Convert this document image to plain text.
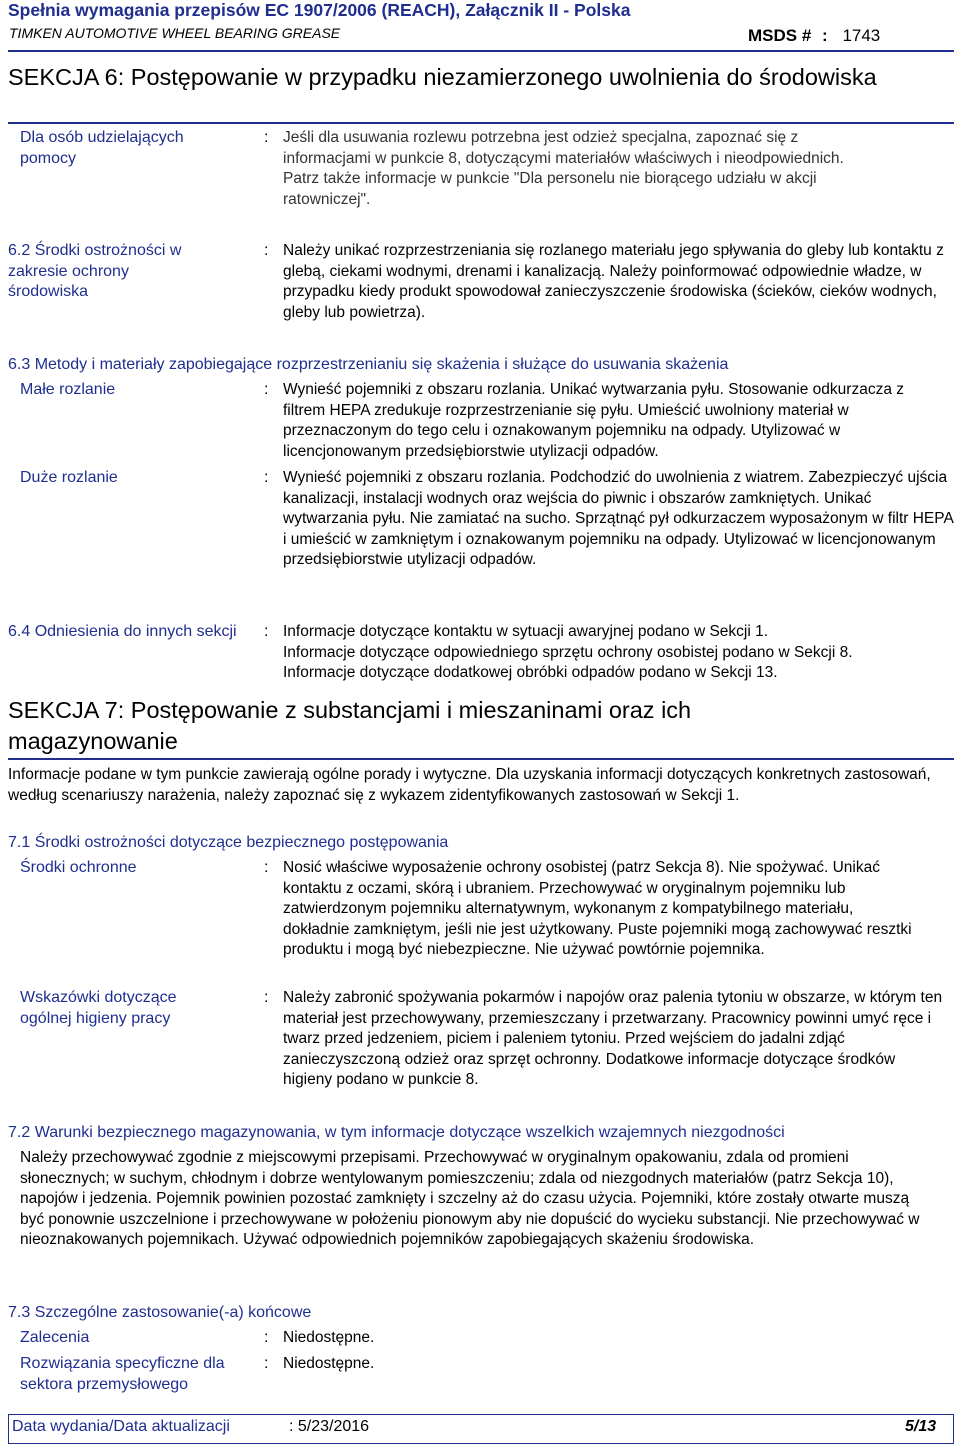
Spełnia wymagania przepisów EC 1907/2006 (REACH), Załącznik II - Polska
TIMKEN AUTOMOTIVE WHEEL BEARING GREASE	MSDS # : 1743
SEKCJA 6: Postępowanie w przypadku niezamierzonego uwolnienia do środowiska
Dla osób udzielających pomocy
: Jeśli dla usuwania rozlewu potrzebna jest odzież specjalna, zapoznać się z informacjami w punkcie 8, dotyczącymi materiałów właściwych i nieodpowiednich. Patrz także informacje w punkcie "Dla personelu nie biorącego udziału w akcji ratowniczej".
6.2 Środki ostrożności w zakresie ochrony środowiska
: Należy unikać rozprzestrzeniania się rozlanego materiału jego spływania do gleby lub kontaktu z glebą, ciekami wodnymi, drenami i kanalizacją. Należy poinformować odpowiednie władze, w przypadku kiedy produkt spowodował zanieczyszczenie środowiska (ścieków, cieków wodnych, gleby lub powietrza).
6.3 Metody i materiały zapobiegające rozprzestrzenianiu się skażenia i służące do usuwania skażenia
Małe rozlanie	: Wynieść pojemniki z obszaru rozlania. Unikać wytwarzania pyłu. Stosowanie odkurzacza z filtrem HEPA zredukuje rozprzestrzenianie się pyłu. Umieścić uwolniony materiał w przeznaczonym do tego celu i oznakowanym pojemniku na odpady. Utylizować w licencjonowanym przedsiębiorstwie utylizacji odpadów.
Duże rozlanie	: Wynieść pojemniki z obszaru rozlania. Podchodzić do uwolnienia z wiatrem. Zabezpieczyć ujścia kanalizacji, instalacji wodnych oraz wejścia do piwnic i obszarów zamkniętych. Unikać wytwarzania pyłu. Nie zamiatać na sucho. Sprzątnąć pył odkurzaczem wyposażonym w filtr HEPA i umieścić w zamkniętym i oznakowanym pojemniku na odpady. Utylizować w licencjonowanym przedsiębiorstwie utylizacji odpadów.
6.4 Odniesienia do innych sekcji : Informacje dotyczące kontaktu w sytuacji awaryjnej podano w Sekcji 1.
Informacje dotyczące odpowiedniego sprzętu ochrony osobistej podano w Sekcji 8.
Informacje dotyczące dodatkowej obróbki odpadów podano w Sekcji 13.
SEKCJA 7: Postępowanie z substancjami i mieszaninami oraz ich magazynowanie
Informacje podane w tym punkcie zawierają ogólne porady i wytyczne. Dla uzyskania informacji dotyczących konkretnych zastosowań, według scenariuszy narażenia, należy zapoznać się z wykazem zidentyfikowanych zastosowań w Sekcji 1.
7.1 Środki ostrożności dotyczące bezpiecznego postępowania
Środki ochronne	: Nosić właściwe wyposażenie ochrony osobistej (patrz Sekcja 8). Nie spożywać. Unikać kontaktu z oczami, skórą i ubraniem. Przechowywać w oryginalnym pojemniku lub zatwierdzonym pojemniku alternatywnym, wykonanym z kompatybilnego materiału, dokładnie zamkniętym, jeśli nie jest użytkowany. Puste pojemniki mogą zachowywać resztki produktu i mogą być niebezpieczne. Nie używać powtórnie pojemnika.
Wskazówki dotyczące ogólnej higieny pracy
: Należy zabronić spożywania pokarmów i napojów oraz palenia tytoniu w obszarze, w którym ten materiał jest przechowywany, przemieszczany i przetwarzany. Pracownicy powinni umyć ręce i twarz przed jedzeniem, piciem i paleniem tytoniu. Przed wejściem do jadalni zdjąć zanieczyszczoną odzież oraz sprzęt ochronny. Dodatkowe informacje dotyczące środków higieny podano w punkcie 8.
7.2 Warunki bezpiecznego magazynowania, w tym informacje dotyczące wszelkich wzajemnych niezgodności
Należy przechowywać zgodnie z miejscowymi przepisami. Przechowywać w oryginalnym opakowaniu, zdala od promieni słonecznych; w suchym, chłodnym i dobrze wentylowanym pomieszczeniu; zdala od niezgodnych materiałów (patrz Sekcja 10), napojów i jedzenia. Pojemnik powinien pozostać zamknięty i szczelny aż do czasu użycia. Pojemniki, które zostały otwarte muszą być ponownie uszczelnione i przechowywane w położeniu pionowym aby nie dopuścić do wycieku substancji. Nie przechowywać w nieoznakowanych pojemnikach. Używać odpowiednich pojemników zapobiegających skażeniu środowiska.
7.3 Szczególne zastosowanie(-a) końcowe
Zalecenia	: Niedostępne.
Rozwiązania specyficzne dla sektora przemysłowego
: Niedostępne.
Data wydania/Data aktualizacji	: 5/23/2016	5/13
